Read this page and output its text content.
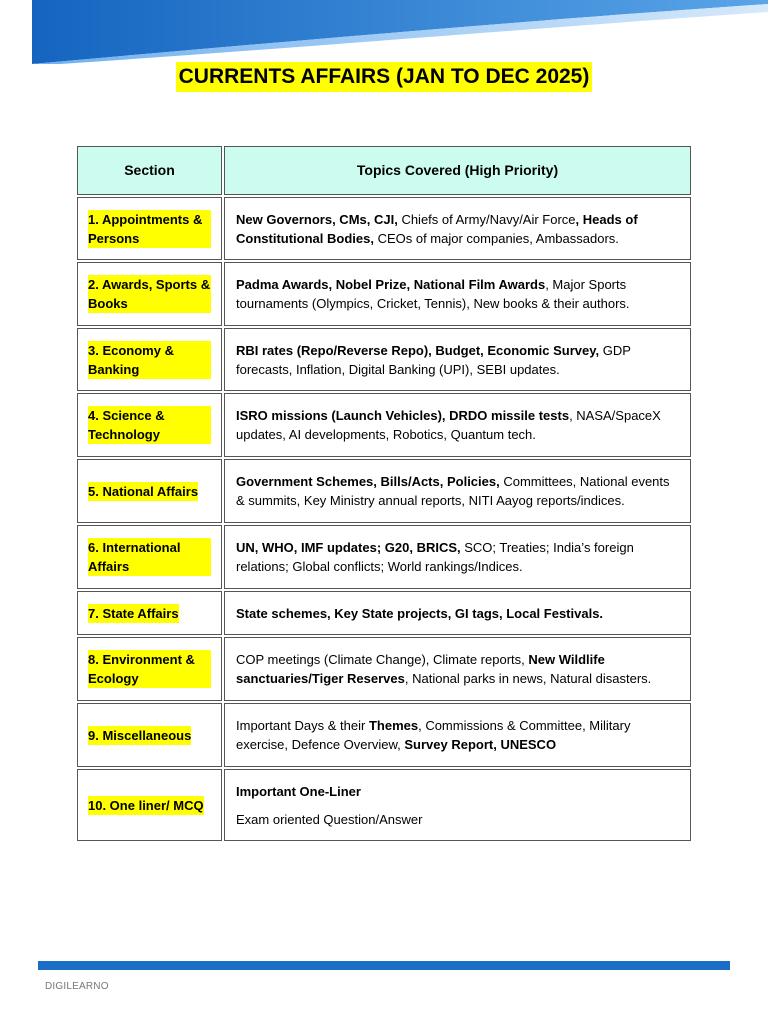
CURRENTS AFFAIRS (JAN TO DEC 2025)
Section	Topics Covered (High Priority)
1. Appointments & Persons
New Governors, CMs, CJI, Chiefs of Army/Navy/Air Force, Heads of Constitutional Bodies, CEOs of major companies, Ambassadors.
2. Awards, Sports & Books
Padma Awards, Nobel Prize, National Film Awards, Major Sports tournaments (Olympics, Cricket, Tennis), New books & their authors.
3. Economy & Banking
RBI rates (Repo/Reverse Repo), Budget, Economic Survey, GDP forecasts, Inflation, Digital Banking (UPI), SEBI updates.
4. Science & Technology
ISRO missions (Launch Vehicles), DRDO missile tests, NASA/SpaceX updates, AI developments, Robotics, Quantum tech.
5. National Affairs
Government Schemes, Bills/Acts, Policies, Committees, National events & summits, Key Ministry annual reports, NITI Aayog reports/indices.
6. International Affairs
UN, WHO, IMF updates; G20, BRICS, SCO; Treaties; India’s foreign relations; Global conflicts; World rankings/Indices.
7. State Affairs	State schemes, Key State projects, GI tags, Local Festivals.
8. Environment & Ecology
COP meetings (Climate Change), Climate reports, New Wildlife sanctuaries/Tiger Reserves, National parks in news, Natural disasters.
9. Miscellaneous
Important Days & their Themes, Commissions & Committee, Military exercise, Defence Overview, Survey Report, UNESCO
10. One liner/ MCQ
Important One-Liner
Exam oriented Question/Answer
DIGILEARNO
